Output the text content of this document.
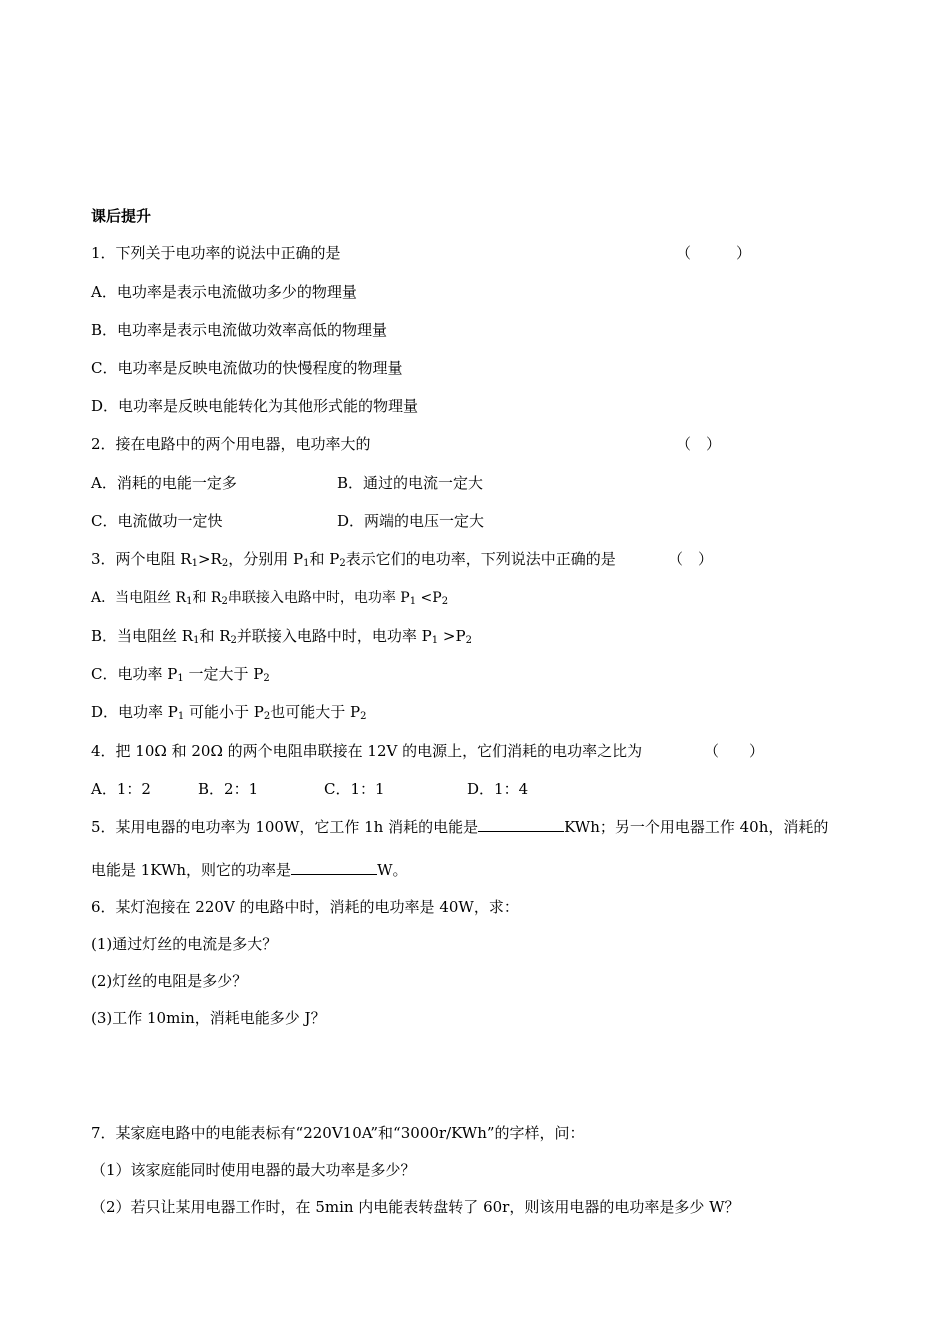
课后提升
1．下列关于电功率的说法中正确的是	（　　　）
A．电功率是表示电流做功多少的物理量
B．电功率是表示电流做功效率高低的物理量
C．电功率是反映电流做功的快慢程度的物理量
D．电功率是反映电能转化为其他形式能的物理量
2．接在电路中的两个用电器，电功率大的	（　）
A．消耗的电能一定多	B．通过的电流一定大
C．电流做功一定快	D．两端的电压一定大
3．两个电阻 $R_1>R_2$，分别用 $P_1$和 $P_2$表示它们的电功率，下列说法中正确的是	（　）
A．当电阻丝 $R_1$和 $R_2$串联接入电路中时，电功率 $P_1 <P_2$
B．当电阻丝 $R_1$和 $R_2$并联接入电路中时，电功率 $P_1 >P_2$
C．电功率 $P_1$ 一定大于 $P_2$
D．电功率 $P_1$ 可能小于 $P_2$也可能大于 $P_2$
4．把 10Ω 和 20Ω 的两个电阻串联接在 12V 的电源上，它们消耗的电功率之比为	（　　）
A．1：2	B．2：1	C．1：1	D．1：4
5．某用电器的电功率为 100W，它工作 1h 消耗的电能是	KWh；另一个用电器工作 40h，消耗的
电能是 1KWh，则它的功率是	W。
6．某灯泡接在 220V 的电路中时，消耗的电功率是 40W，求：
(1)通过灯丝的电流是多大？
(2)灯丝的电阻是多少？
(3)工作 10min，消耗电能多少 J？
7．某家庭电路中的电能表标有“220V10A”和“3000r/KWh”的字样，问：
（1）该家庭能同时使用电器的最大功率是多少？
（2）若只让某用电器工作时，在 5min 内电能表转盘转了 60r，则该用电器的电功率是多少 W？
